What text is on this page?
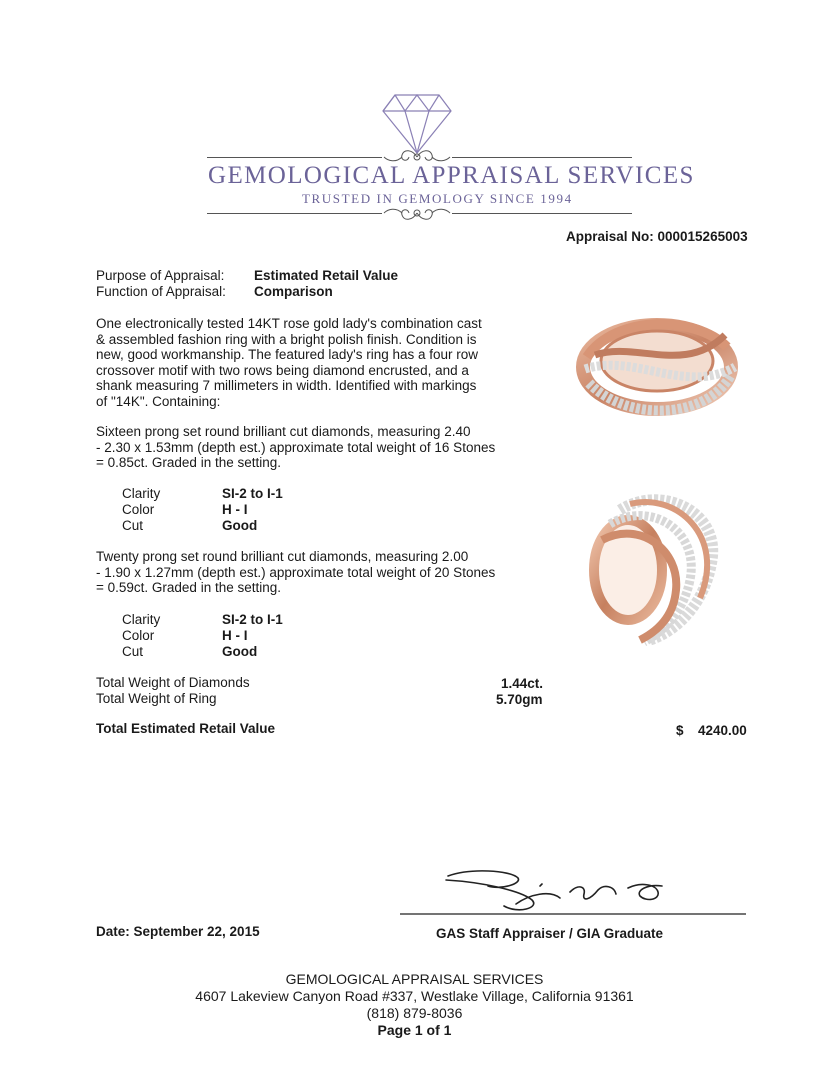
GEMOLOGICAL APPRAISAL SERVICES
TRUSTED IN GEMOLOGY SINCE 1994
Appraisal No: 000015265003
Purpose of Appraisal: Estimated Retail Value
Function of Appraisal: Comparison
One electronically tested 14KT rose gold lady's combination cast
& assembled fashion ring with a bright polish finish. Condition is
new, good workmanship. The featured lady's ring has a four row
crossover motif with two rows being diamond encrusted, and a
shank measuring 7 millimeters in width. Identified with markings
of "14K". Containing:
Sixteen prong set round brilliant cut diamonds, measuring 2.40
- 2.30 x 1.53mm (depth est.) approximate total weight of 16 Stones
= 0.85ct. Graded in the setting.
Clarity	SI-2 to I-1
Color	H - I
Cut	Good
Twenty prong set round brilliant cut diamonds, measuring 2.00
- 1.90 x 1.27mm (depth est.) approximate total weight of 20 Stones
= 0.59ct. Graded in the setting.
Clarity	SI-2 to I-1
Color	H - I
Cut	Good
Total Weight of Diamonds	1.44ct.
Total Weight of Ring	5.70gm
Total Estimated Retail Value	$ 4240.00
Date: September 22, 2015	GAS Staff Appraiser / GIA Graduate
GEMOLOGICAL APPRAISAL SERVICES
4607 Lakeview Canyon Road #337, Westlake Village, California 91361
(818) 879-8036
Page 1 of 1
